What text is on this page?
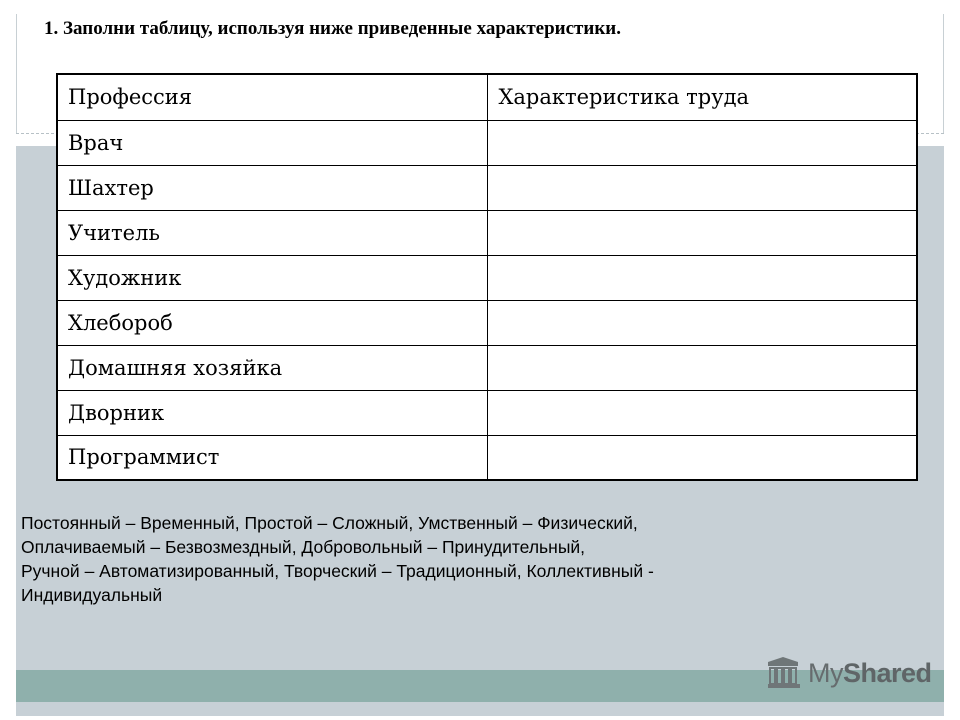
1. Заполни таблицу, используя ниже приведенные характеристики.
Профессия	Характеристика труда
Врач	
Шахтер	
Учитель	
Художник	
Хлебороб	
Домашняя хозяйка	
Дворник	
Программист	
Постоянный – Временный, Простой – Сложный, Умственный – Физический,
Оплачиваемый – Безвозмездный, Добровольный – Принудительный,
Ручной – Автоматизированный, Творческий – Традиционный, Коллективный -
Индивидуальный
MyShared
